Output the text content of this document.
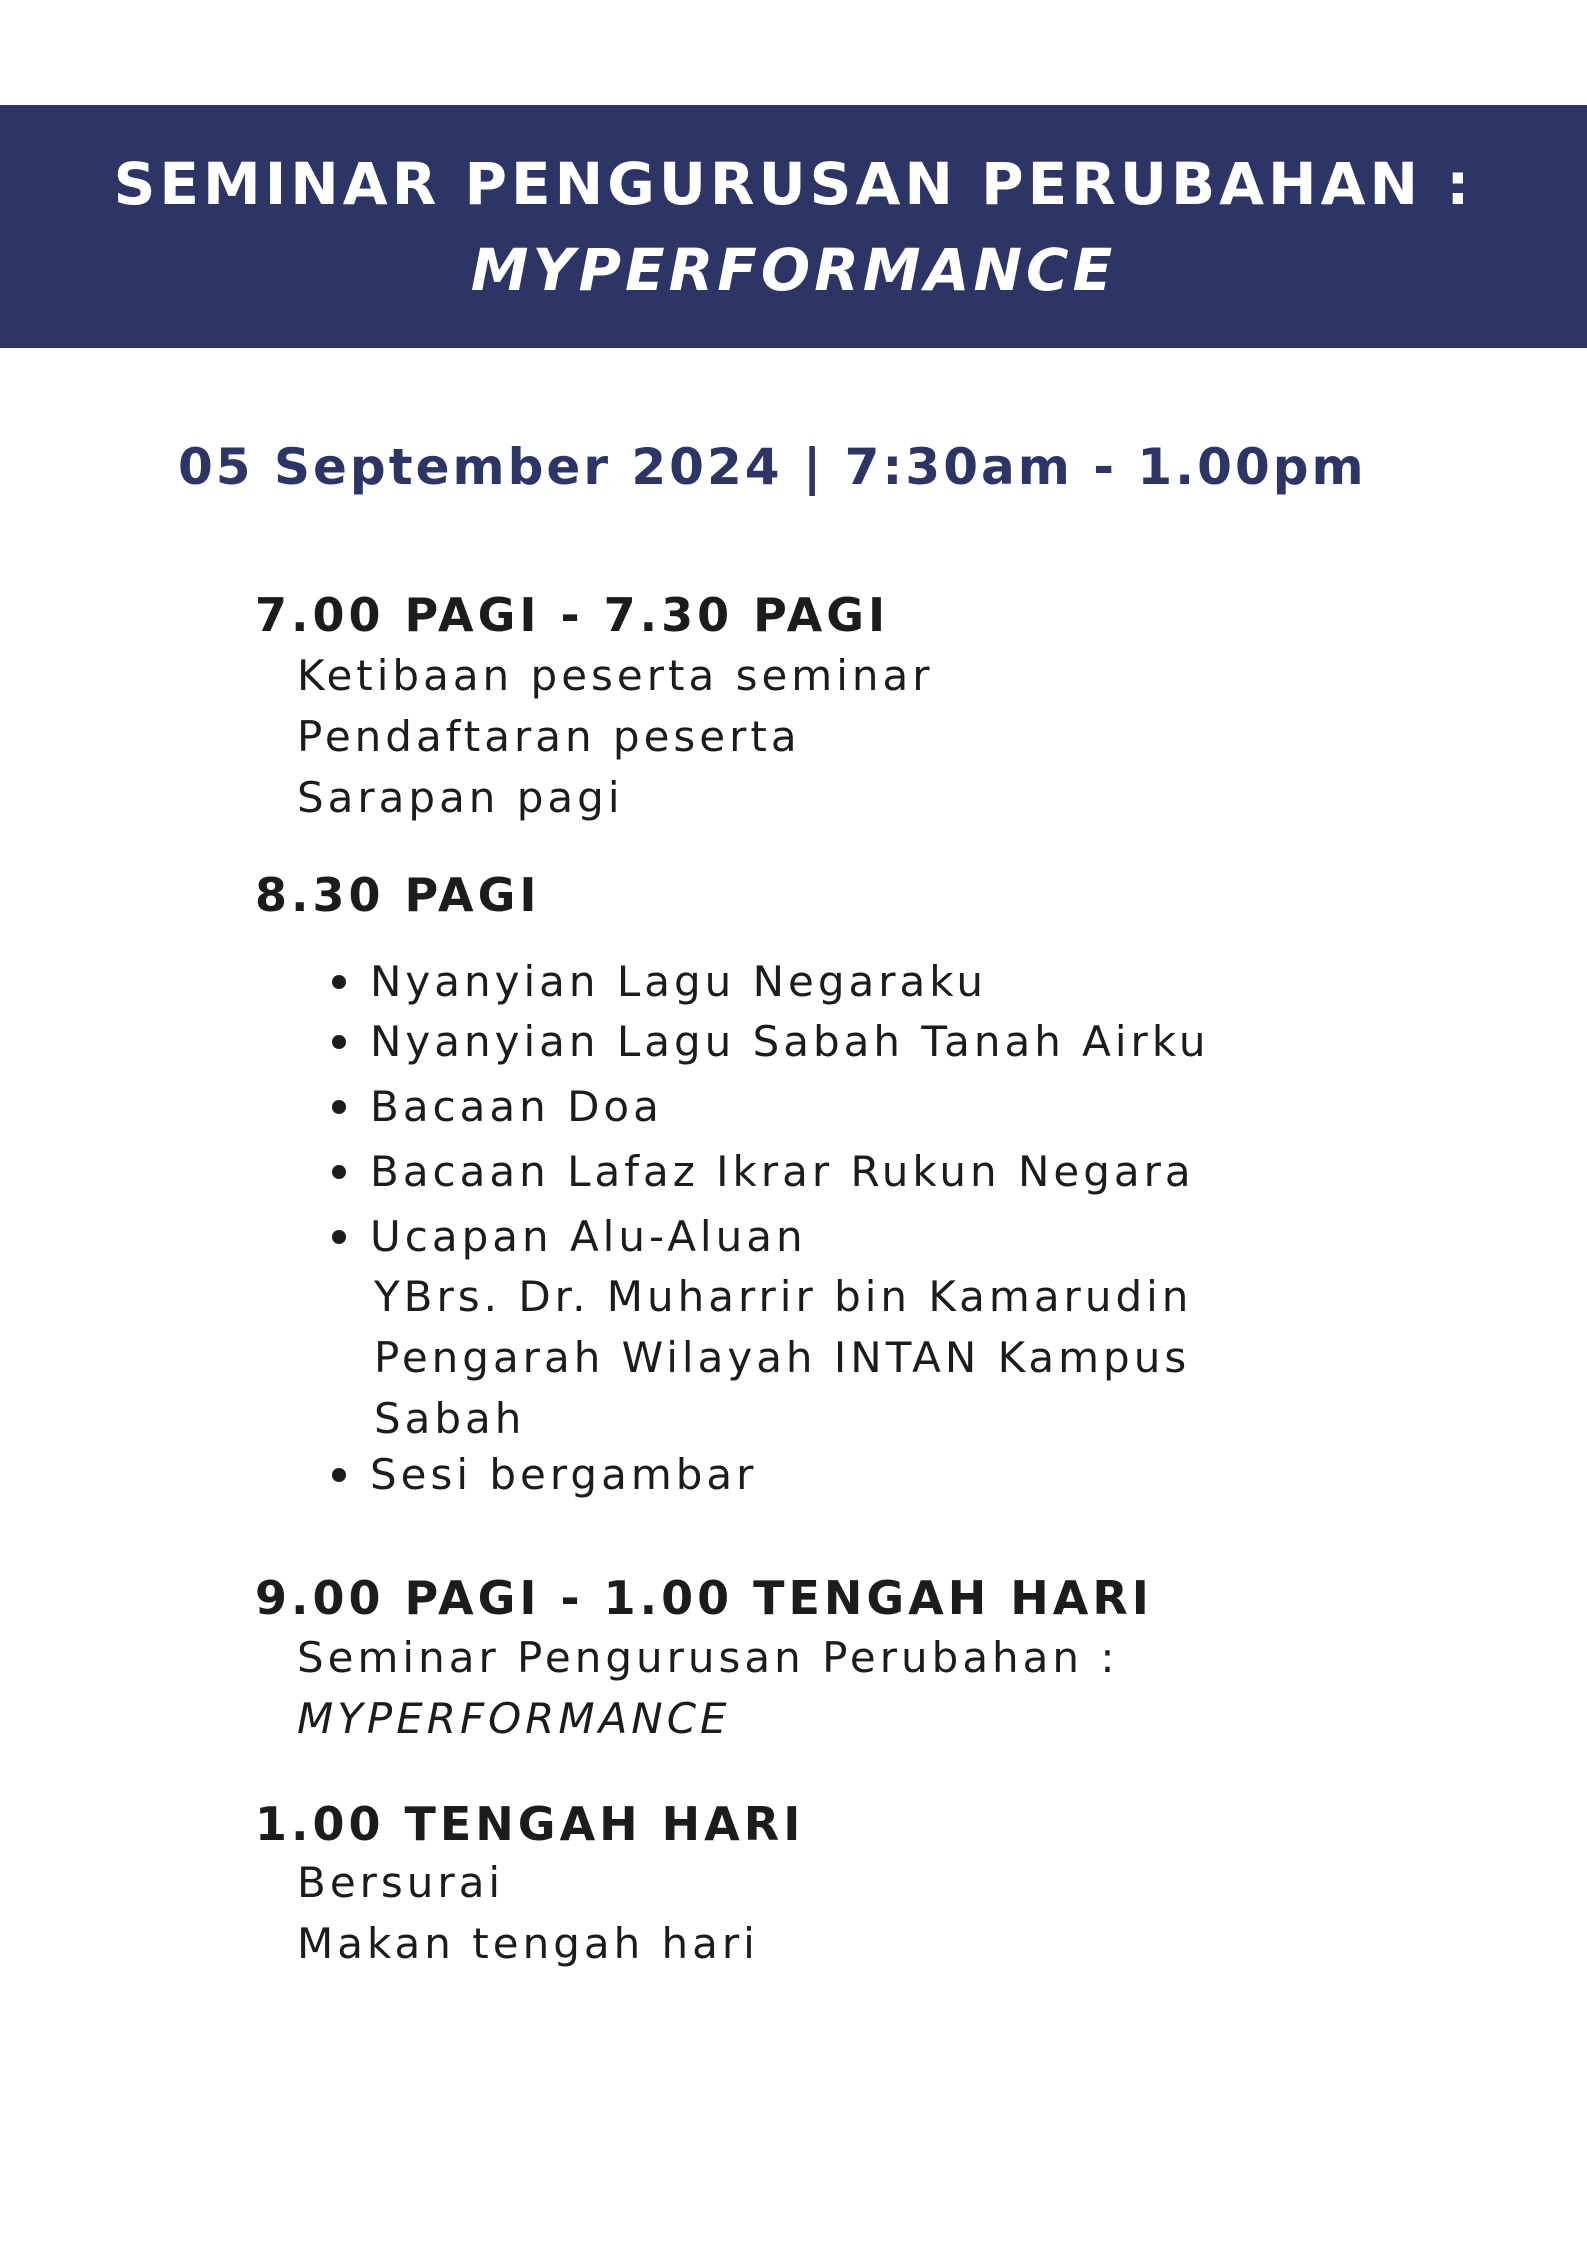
SEMINAR PENGURUSAN PERUBAHAN :
MYPERFORMANCE
05 September 2024 | 7:30am - 1.00pm
7.00 PAGI - 7.30 PAGI
Ketibaan peserta seminar
Pendaftaran peserta
Sarapan pagi
8.30 PAGI
Nyanyian Lagu Negaraku
Nyanyian Lagu Sabah Tanah Airku
Bacaan Doa
Bacaan Lafaz Ikrar Rukun Negara
Ucapan Alu-Aluan
YBrs. Dr. Muharrir bin Kamarudin
Pengarah Wilayah INTAN Kampus
Sabah
Sesi bergambar
9.00 PAGI - 1.00 TENGAH HARI
Seminar Pengurusan Perubahan :
MYPERFORMANCE
1.00 TENGAH HARI
Bersurai
Makan tengah hari
